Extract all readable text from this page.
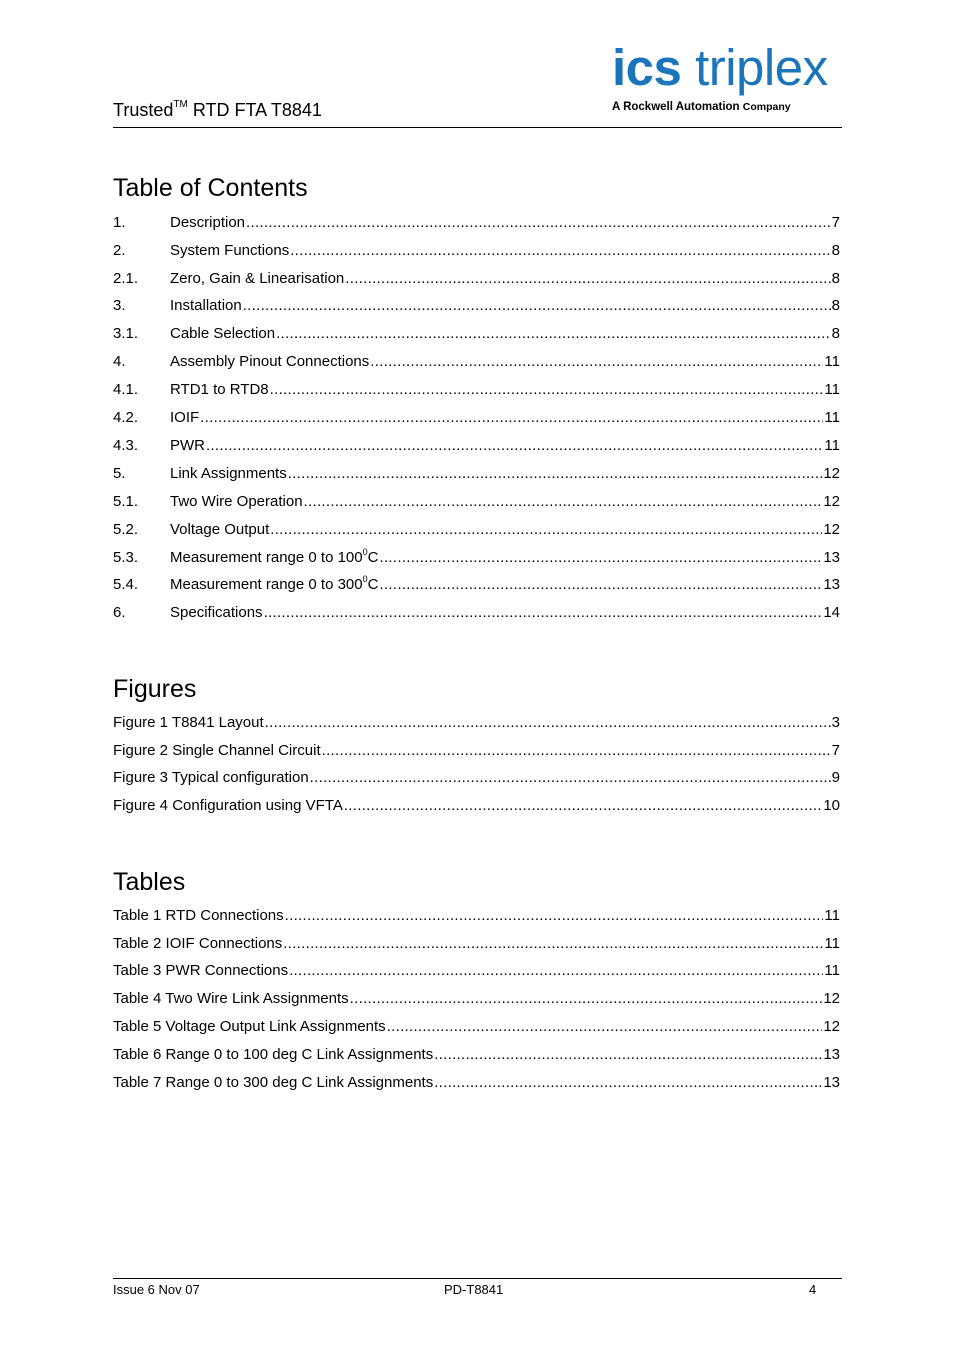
Trusted™ RTD FTA T8841
ics triplex
A Rockwell Automation Company
Table of Contents
1.	Description .....	7
2.	System Functions .....	8
2.1.	Zero, Gain & Linearisation .....	8
3.	Installation .....	8
3.1.	Cable Selection .....	8
4.	Assembly Pinout Connections .....	11
4.1.	RTD1 to RTD8 .....	11
4.2.	IOIF .....	11
4.3.	PWR .....	11
5.	Link Assignments .....	12
5.1.	Two Wire Operation .....	12
5.2.	Voltage Output .....	12
5.3.	Measurement range 0 to $100^0C$ .....	13
5.4.	Measurement range 0 to $300^0C$ .....	13
6.	Specifications .....	14
Figures
Figure 1 T8841 Layout .....	3
Figure 2 Single Channel Circuit .....	7
Figure 3 Typical configuration .....	9
Figure 4 Configuration using VFTA .....	10
Tables
Table 1 RTD Connections .....	11
Table 2 IOIF Connections .....	11
Table 3 PWR Connections .....	11
Table 4 Two Wire Link Assignments .....	12
Table 5 Voltage Output Link Assignments .....	12
Table 6 Range 0 to 100 deg C Link Assignments .....	13
Table 7 Range 0 to 300 deg C Link Assignments .....	13
Issue 6 Nov 07	PD-T8841	4
